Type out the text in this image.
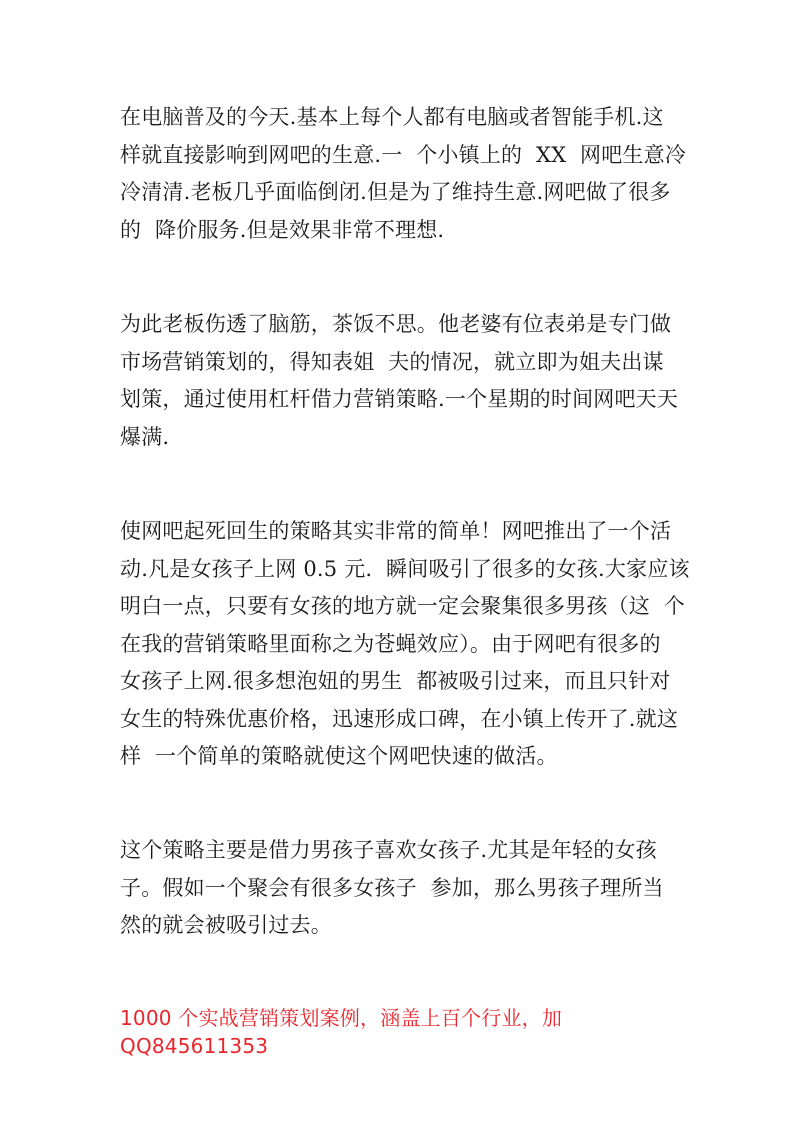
在电脑普及的今天.基本上每个人都有电脑或者智能手机.这
样就直接影响到网吧的生意.一  个小镇上的  XX  网吧生意冷
冷清清.老板几乎面临倒闭.但是为了维持生意.网吧做了很多
的  降价服务.但是效果非常不理想.
为此老板伤透了脑筋，茶饭不思。他老婆有位表弟是专门做
市场营销策划的，得知表姐  夫的情况，就立即为姐夫出谋
划策，通过使用杠杆借力营销策略.一个星期的时间网吧天天
爆满.
使网吧起死回生的策略其实非常的简单！网吧推出了一个活
动.凡是女孩子上网 0.5 元.  瞬间吸引了很多的女孩.大家应该
明白一点，只要有女孩的地方就一定会聚集很多男孩（这  个
在我的营销策略里面称之为苍蝇效应）。由于网吧有很多的
女孩子上网.很多想泡妞的男生  都被吸引过来，而且只针对
女生的特殊优惠价格，迅速形成口碑，在小镇上传开了.就这
样  一个简单的策略就使这个网吧快速的做活。
这个策略主要是借力男孩子喜欢女孩子.尤其是年轻的女孩
子。假如一个聚会有很多女孩子  参加，那么男孩子理所当
然的就会被吸引过去。
1000 个实战营销策划案例，涵盖上百个行业，加
QQ845611353
